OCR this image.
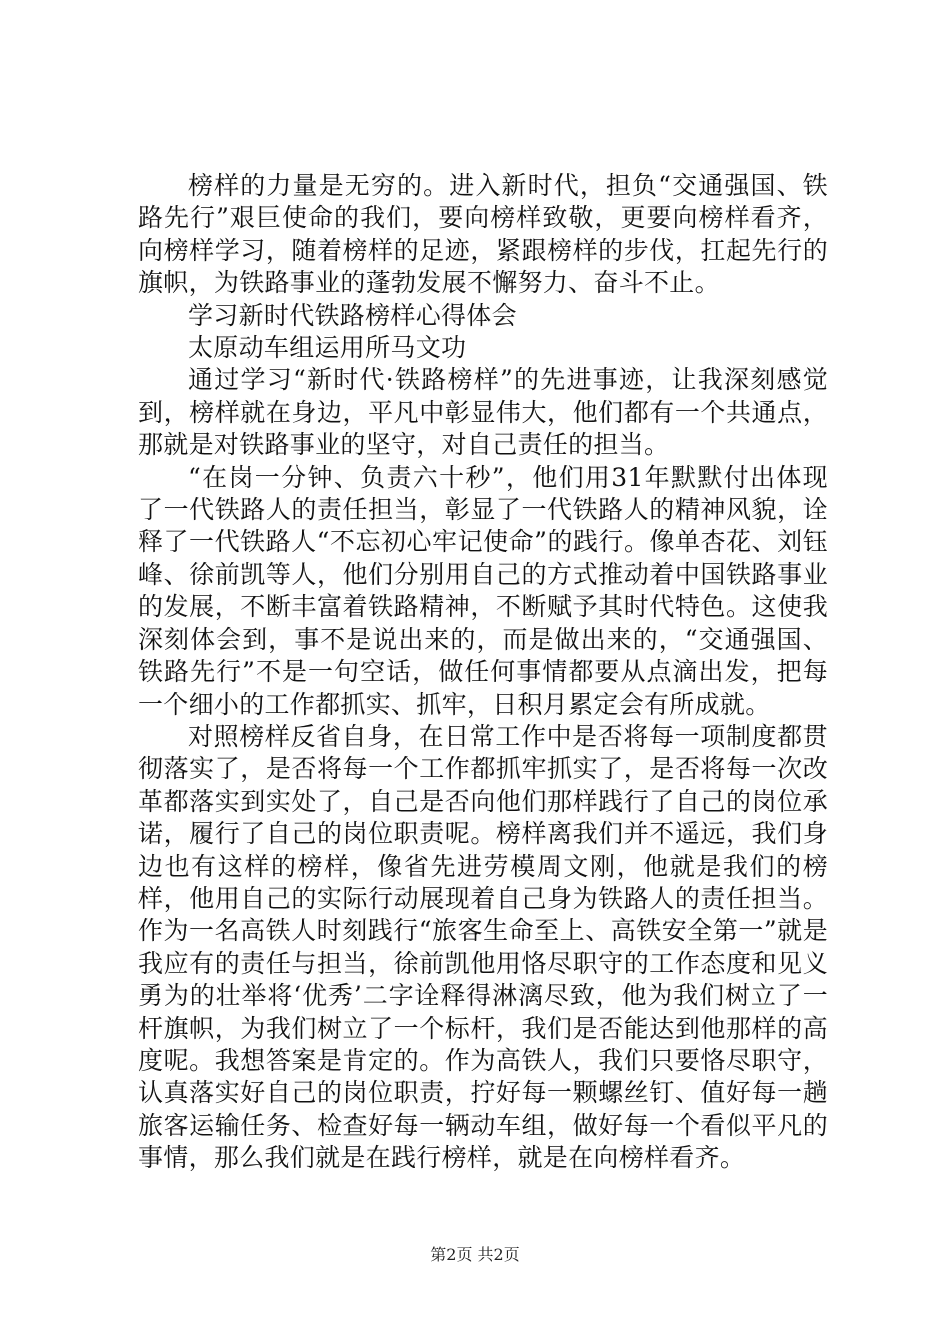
榜样的力量是无穷的。进入新时代，担负“交通强国、铁路先行”艰巨使命的我们，要向榜样致敬，更要向榜样看齐，向榜样学习，随着榜样的足迹，紧跟榜样的步伐，扛起先行的旗帜，为铁路事业的蓬勃发展不懈努力、奋斗不止。

学习新时代铁路榜样心得体会

太原动车组运用所马文功

通过学习“新时代·铁路榜样”的先进事迹，让我深刻感觉到，榜样就在身边，平凡中彰显伟大，他们都有一个共通点，那就是对铁路事业的坚守，对自己责任的担当。

“在岗一分钟、负责六十秒”，他们用31年默默付出体现了一代铁路人的责任担当，彰显了一代铁路人的精神风貌，诠释了一代铁路人“不忘初心牢记使命”的践行。像单杏花、刘钰峰、徐前凯等人，他们分别用自己的方式推动着中国铁路事业的发展，不断丰富着铁路精神，不断赋予其时代特色。这使我深刻体会到，事不是说出来的，而是做出来的，“交通强国、铁路先行”不是一句空话，做任何事情都要从点滴出发，把每一个细小的工作都抓实、抓牢，日积月累定会有所成就。

对照榜样反省自身，在日常工作中是否将每一项制度都贯彻落实了，是否将每一个工作都抓牢抓实了，是否将每一次改革都落实到实处了，自己是否向他们那样践行了自己的岗位承诺，履行了自己的岗位职责呢。榜样离我们并不遥远，我们身边也有这样的榜样，像省先进劳模周文刚，他就是我们的榜样，他用自己的实际行动展现着自己身为铁路人的责任担当。作为一名高铁人时刻践行“旅客生命至上、高铁安全第一”就是我应有的责任与担当，徐前凯他用恪尽职守的工作态度和见义勇为的壮举将‘优秀’二字诠释得淋漓尽致，他为我们树立了一杆旗帜，为我们树立了一个标杆，我们是否能达到他那样的高度呢。我想答案是肯定的。作为高铁人，我们只要恪尽职守，认真落实好自己的岗位职责，拧好每一颗螺丝钉、值好每一趟旅客运输任务、检查好每一辆动车组，做好每一个看似平凡的事情，那么我们就是在践行榜样，就是在向榜样看齐。

第2页 共2页
